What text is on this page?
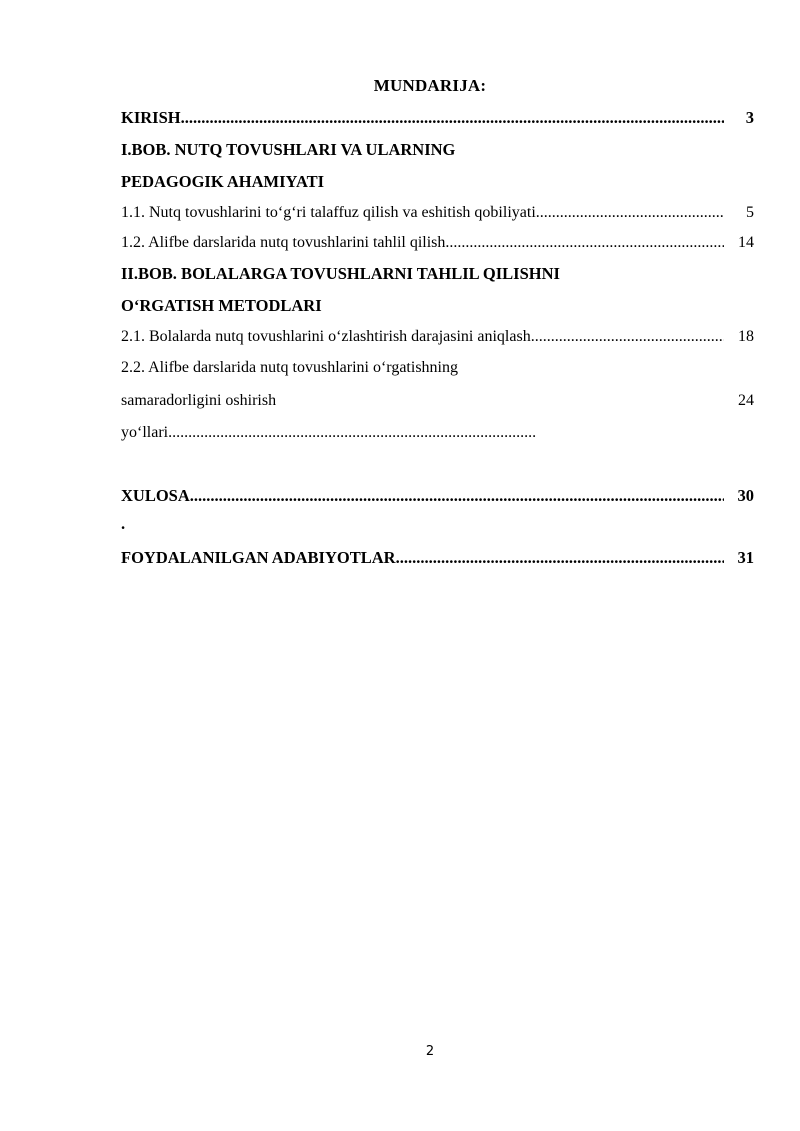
MUNDARIJA:
KIRISH .....	3
I.BOB. NUTQ TOVUSHLARI VA ULARNING
PEDAGOGIK AHAMIYATI
1.1. Nutq tovushlarini to‘g‘ri talaffuz qilish va eshitish qobiliyati .....	5
1.2. Alifbe darslarida nutq tovushlarini tahlil qilish .....	14
II.BOB. BOLALARGA TOVUSHLARNI TAHLIL QILISHNI
O‘RGATISH METODLARI
2.1. Bolalarda nutq tovushlarini o‘zlashtirish darajasini aniqlash .....	18
2.2. Alifbe darslarida nutq tovushlarini o‘rgatishning
samaradorligini oshirish	24
yo‘llari
.....
XULOSA .....	30
.
FOYDALANILGAN ADABIYOTLAR .....	31
2
